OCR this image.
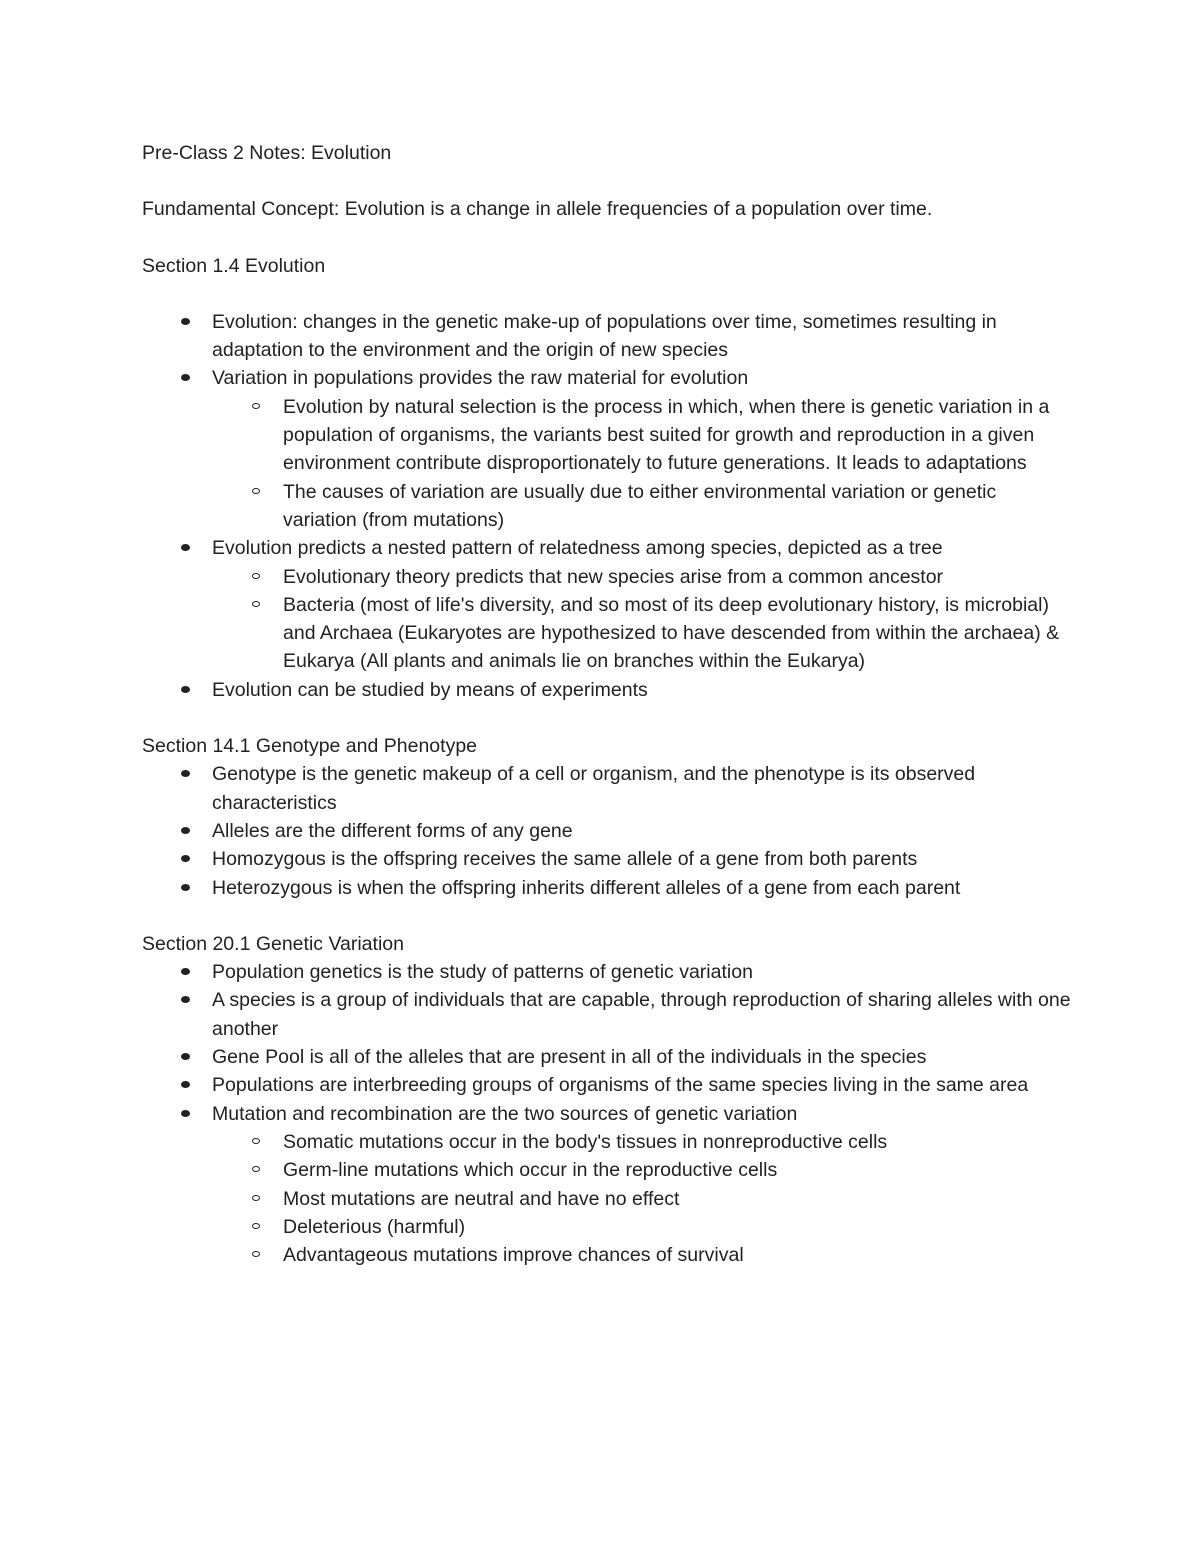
Pre-Class 2 Notes: Evolution
Fundamental Concept: Evolution is a change in allele frequencies of a population over time.
Section 1.4 Evolution
Evolution: changes in the genetic make-up of populations over time, sometimes resulting in adaptation to the environment and the origin of new species
Variation in populations provides the raw material for evolution
Evolution by natural selection is the process in which, when there is genetic variation in a population of organisms, the variants best suited for growth and reproduction in a given environment contribute disproportionately to future generations. It leads to adaptations
The causes of variation are usually due to either environmental variation or genetic variation (from mutations)
Evolution predicts a nested pattern of relatedness among species, depicted as a tree
Evolutionary theory predicts that new species arise from a common ancestor
Bacteria (most of life's diversity, and so most of its deep evolutionary history, is microbial) and Archaea (Eukaryotes are hypothesized to have descended from within the archaea) & Eukarya (All plants and animals lie on branches within the Eukarya)
Evolution can be studied by means of experiments
Section 14.1 Genotype and Phenotype
Genotype is the genetic makeup of a cell or organism, and the phenotype is its observed characteristics
Alleles are the different forms of any gene
Homozygous is the offspring receives the same allele of a gene from both parents
Heterozygous is when the offspring inherits different alleles of a gene from each parent
Section 20.1 Genetic Variation
Population genetics is the study of patterns of genetic variation
A species is a group of individuals that are capable, through reproduction of sharing alleles with one another
Gene Pool is all of the alleles that are present in all of the individuals in the species
Populations are interbreeding groups of organisms of the same species living in the same area
Mutation and recombination are the two sources of genetic variation
Somatic mutations occur in the body's tissues in nonreproductive cells
Germ-line mutations which occur in the reproductive cells
Most mutations are neutral and have no effect
Deleterious (harmful)
Advantageous mutations improve chances of survival
